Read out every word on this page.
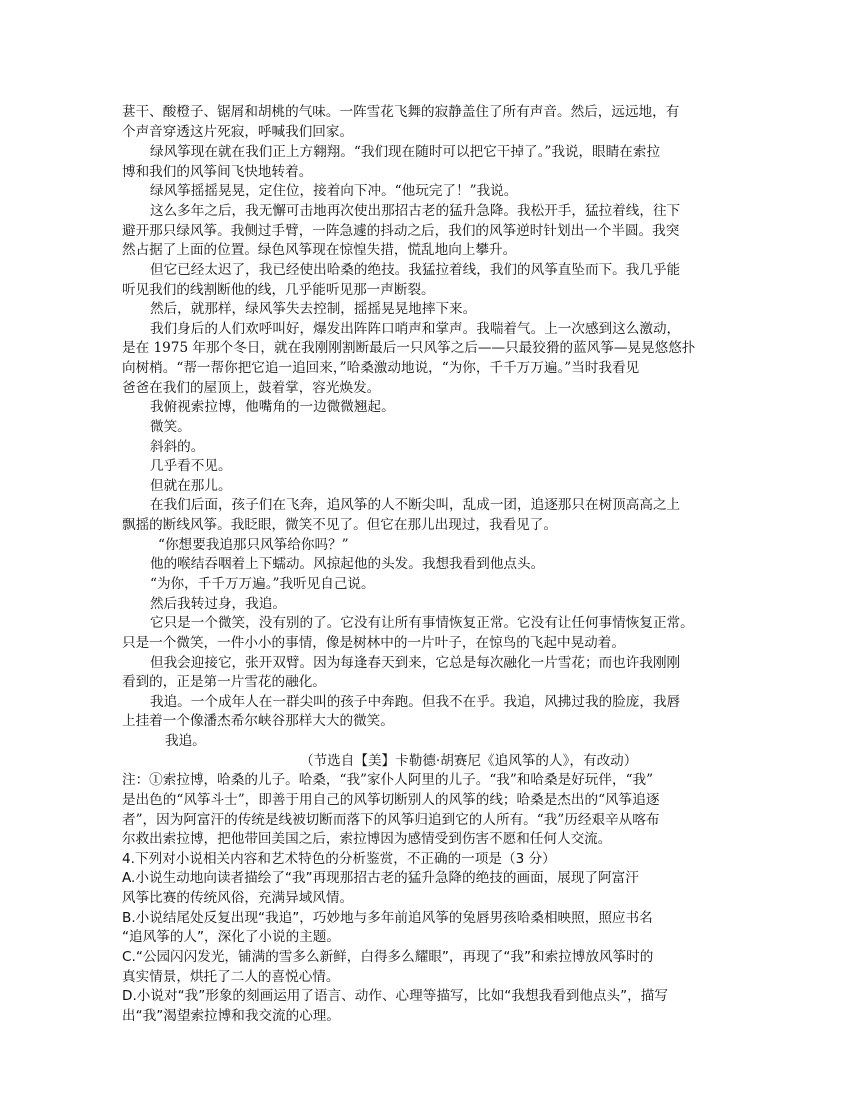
葚干、酸橙子、锯屑和胡桃的气味。一阵雪花飞舞的寂静盖住了所有声音。然后，远远地，有
个声音穿透这片死寂，呼喊我们回家。
绿风筝现在就在我们正上方翱翔。“我们现在随时可以把它干掉了。”我说，眼睛在索拉
博和我们的风筝间飞快地转着。
绿风筝摇摇晃晃，定住位，接着向下冲。“他玩完了！”我说。
这么多年之后，我无懈可击地再次使出那招古老的猛升急降。我松开手，猛拉着线，往下
避开那只绿风筝。我侧过手臂，一阵急遽的抖动之后，我们的风筝逆时针划出一个半圆。我突
然占据了上面的位置。绿色风筝现在惊惶失措，慌乱地向上攀升。
但它已经太迟了，我已经使出哈桑的绝技。我猛拉着线，我们的风筝直坠而下。我几乎能
听见我们的线割断他的线，几乎能听见那一声断裂。
然后，就那样，绿风筝失去控制，摇摇晃晃地摔下来。
我们身后的人们欢呼叫好，爆发出阵阵口哨声和掌声。我喘着气。上一次感到这么激动，
是在 1975 年那个冬日，就在我刚刚割断最后一只风筝之后——只最狡猾的蓝风筝—晃晃悠悠扑
向树梢。“帮一帮你把它追一追回来，”哈桑激动地说，“为你，千千万万遍。”当时我看见
爸爸在我们的屋顶上，鼓着掌，容光焕发。
我俯视索拉博，他嘴角的一边微微翘起。
微笑。
斜斜的。
几乎看不见。
但就在那儿。
在我们后面，孩子们在飞奔，追风筝的人不断尖叫，乱成一团，追逐那只在树顶高高之上
飘摇的断线风筝。我眨眼，微笑不见了。但它在那儿出现过，我看见了。
“你想要我追那只风筝给你吗？”
他的喉结吞咽着上下蠕动。风掠起他的头发。我想我看到他点头。
“为你，千千万万遍。”我听见自己说。
然后我转过身，我追。
它只是一个微笑，没有别的了。它没有让所有事情恢复正常。它没有让任何事情恢复正常。
只是一个微笑，一件小小的事情，像是树林中的一片叶子，在惊鸟的飞起中晃动着。
但我会迎接它，张开双臂。因为每逢春天到来，它总是每次融化一片雪花；而也许我刚刚
看到的，正是第一片雪花的融化。
我追。一个成年人在一群尖叫的孩子中奔跑。但我不在乎。我追，风拂过我的脸庞，我唇
上挂着一个像潘杰希尔峡谷那样大大的微笑。
我追。
（节选自【美】卡勒德·胡赛尼《追风筝的人》，有改动）
注：①索拉博，哈桑的儿子。哈桑，“我”家仆人阿里的儿子。“我”和哈桑是好玩伴，“我”
是出色的“风筝斗士”，即善于用自己的风筝切断别人的风筝的线；哈桑是杰出的“风筝追逐
者”，因为阿富汗的传统是线被切断而落下的风筝归追到它的人所有。“我”历经艰辛从喀布
尔救出索拉博，把他带回美国之后，索拉博因为感情受到伤害不愿和任何人交流。
4.下列对小说相关内容和艺术特色的分析鉴赏，不正确的一项是（3 分）
A.小说生动地向读者描绘了“我”再现那招古老的猛升急降的绝技的画面，展现了阿富汗
风筝比赛的传统风俗，充满异域风情。
B.小说结尾处反复出现“我追”，巧妙地与多年前追风筝的兔唇男孩哈桑相映照，照应书名
“追风筝的人”，深化了小说的主题。
C.“公园闪闪发光，铺满的雪多么新鲜，白得多么耀眼”，再现了“我”和索拉博放风筝时的
真实情景，烘托了二人的喜悦心情。
D.小说对“我”形象的刻画运用了语言、动作、心理等描写，比如“我想我看到他点头”，描写
出“我”渴望索拉博和我交流的心理。
